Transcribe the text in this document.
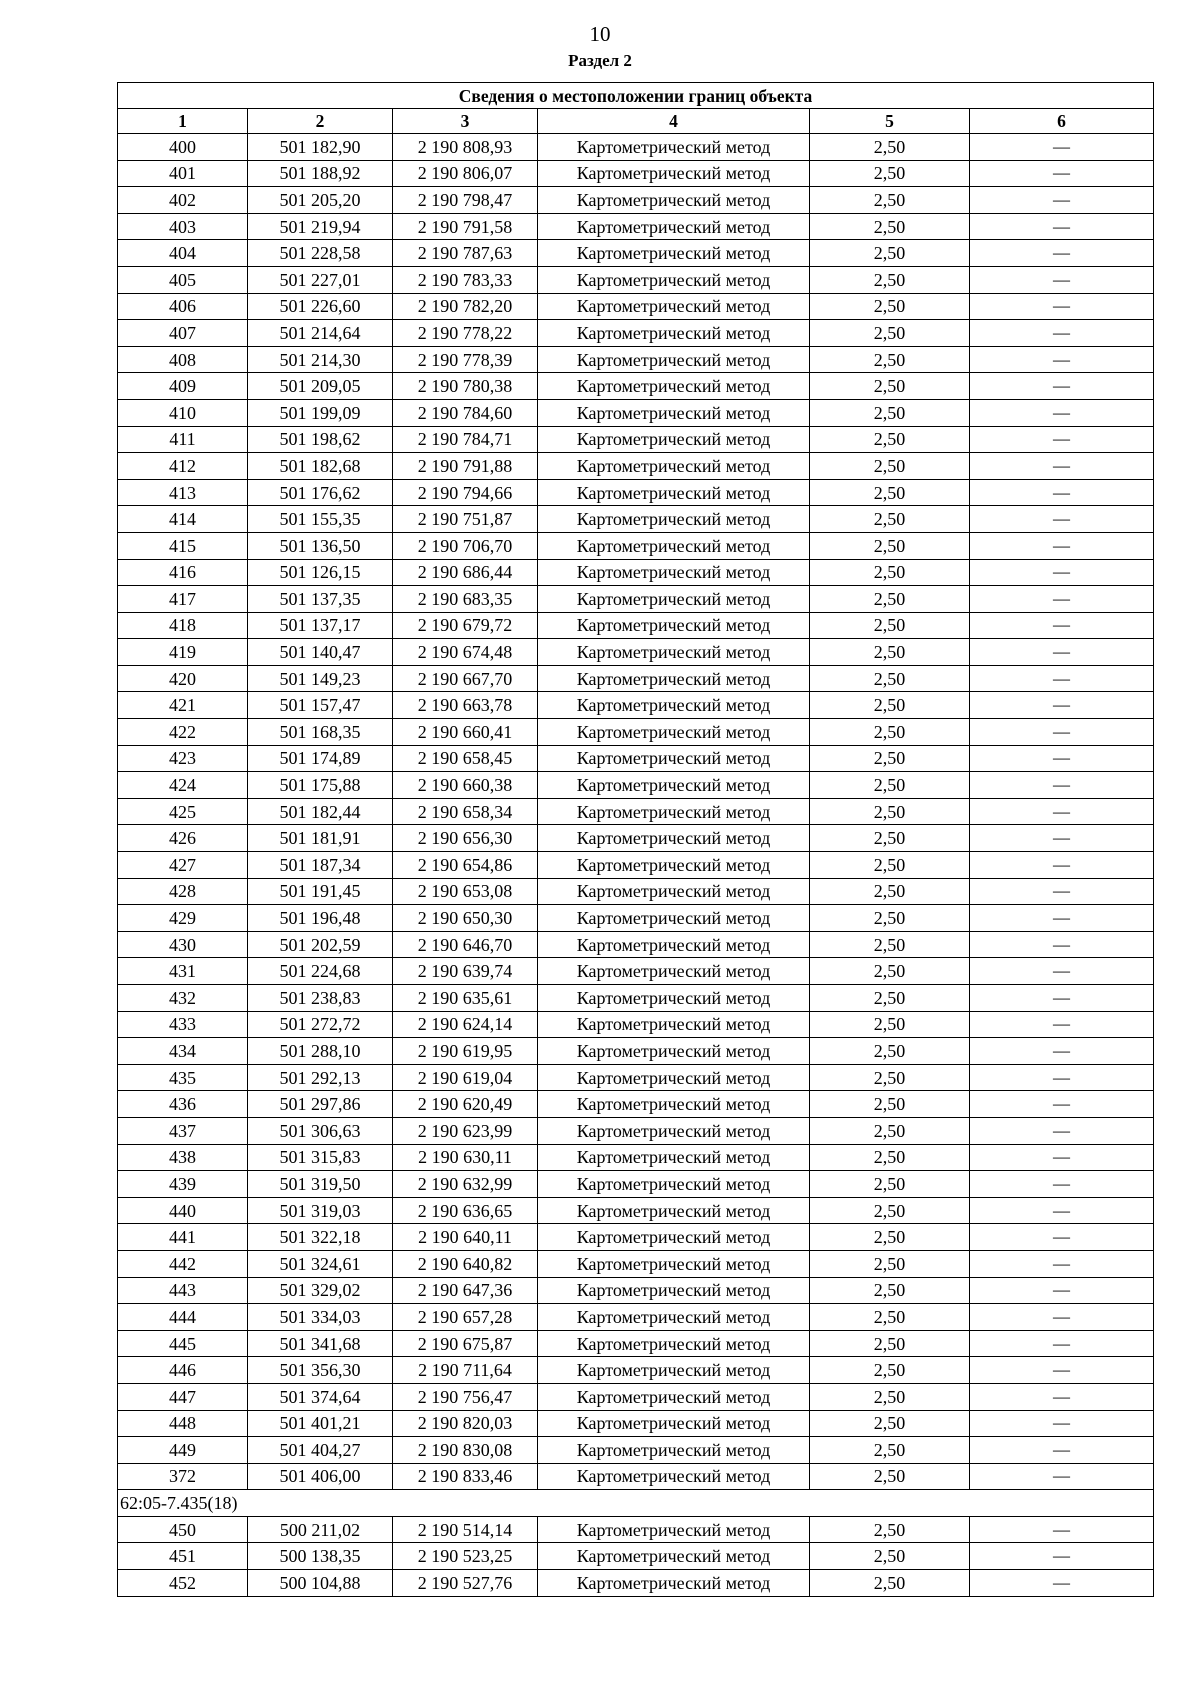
10
Раздел 2
Сведения о местоположении границ объекта					
1	2	3	4	5	6
400	501 182,90	2 190 808,93	Картометрический метод	2,50	—
401	501 188,92	2 190 806,07	Картометрический метод	2,50	—
402	501 205,20	2 190 798,47	Картометрический метод	2,50	—
403	501 219,94	2 190 791,58	Картометрический метод	2,50	—
404	501 228,58	2 190 787,63	Картометрический метод	2,50	—
405	501 227,01	2 190 783,33	Картометрический метод	2,50	—
406	501 226,60	2 190 782,20	Картометрический метод	2,50	—
407	501 214,64	2 190 778,22	Картометрический метод	2,50	—
408	501 214,30	2 190 778,39	Картометрический метод	2,50	—
409	501 209,05	2 190 780,38	Картометрический метод	2,50	—
410	501 199,09	2 190 784,60	Картометрический метод	2,50	—
411	501 198,62	2 190 784,71	Картометрический метод	2,50	—
412	501 182,68	2 190 791,88	Картометрический метод	2,50	—
413	501 176,62	2 190 794,66	Картометрический метод	2,50	—
414	501 155,35	2 190 751,87	Картометрический метод	2,50	—
415	501 136,50	2 190 706,70	Картометрический метод	2,50	—
416	501 126,15	2 190 686,44	Картометрический метод	2,50	—
417	501 137,35	2 190 683,35	Картометрический метод	2,50	—
418	501 137,17	2 190 679,72	Картометрический метод	2,50	—
419	501 140,47	2 190 674,48	Картометрический метод	2,50	—
420	501 149,23	2 190 667,70	Картометрический метод	2,50	—
421	501 157,47	2 190 663,78	Картометрический метод	2,50	—
422	501 168,35	2 190 660,41	Картометрический метод	2,50	—
423	501 174,89	2 190 658,45	Картометрический метод	2,50	—
424	501 175,88	2 190 660,38	Картометрический метод	2,50	—
425	501 182,44	2 190 658,34	Картометрический метод	2,50	—
426	501 181,91	2 190 656,30	Картометрический метод	2,50	—
427	501 187,34	2 190 654,86	Картометрический метод	2,50	—
428	501 191,45	2 190 653,08	Картометрический метод	2,50	—
429	501 196,48	2 190 650,30	Картометрический метод	2,50	—
430	501 202,59	2 190 646,70	Картометрический метод	2,50	—
431	501 224,68	2 190 639,74	Картометрический метод	2,50	—
432	501 238,83	2 190 635,61	Картометрический метод	2,50	—
433	501 272,72	2 190 624,14	Картометрический метод	2,50	—
434	501 288,10	2 190 619,95	Картометрический метод	2,50	—
435	501 292,13	2 190 619,04	Картометрический метод	2,50	—
436	501 297,86	2 190 620,49	Картометрический метод	2,50	—
437	501 306,63	2 190 623,99	Картометрический метод	2,50	—
438	501 315,83	2 190 630,11	Картометрический метод	2,50	—
439	501 319,50	2 190 632,99	Картометрический метод	2,50	—
440	501 319,03	2 190 636,65	Картометрический метод	2,50	—
441	501 322,18	2 190 640,11	Картометрический метод	2,50	—
442	501 324,61	2 190 640,82	Картометрический метод	2,50	—
443	501 329,02	2 190 647,36	Картометрический метод	2,50	—
444	501 334,03	2 190 657,28	Картометрический метод	2,50	—
445	501 341,68	2 190 675,87	Картометрический метод	2,50	—
446	501 356,30	2 190 711,64	Картометрический метод	2,50	—
447	501 374,64	2 190 756,47	Картометрический метод	2,50	—
448	501 401,21	2 190 820,03	Картометрический метод	2,50	—
449	501 404,27	2 190 830,08	Картометрический метод	2,50	—
372	501 406,00	2 190 833,46	Картометрический метод	2,50	—
62:05-7.435(18)					
450	500 211,02	2 190 514,14	Картометрический метод	2,50	—
451	500 138,35	2 190 523,25	Картометрический метод	2,50	—
452	500 104,88	2 190 527,76	Картометрический метод	2,50	—
